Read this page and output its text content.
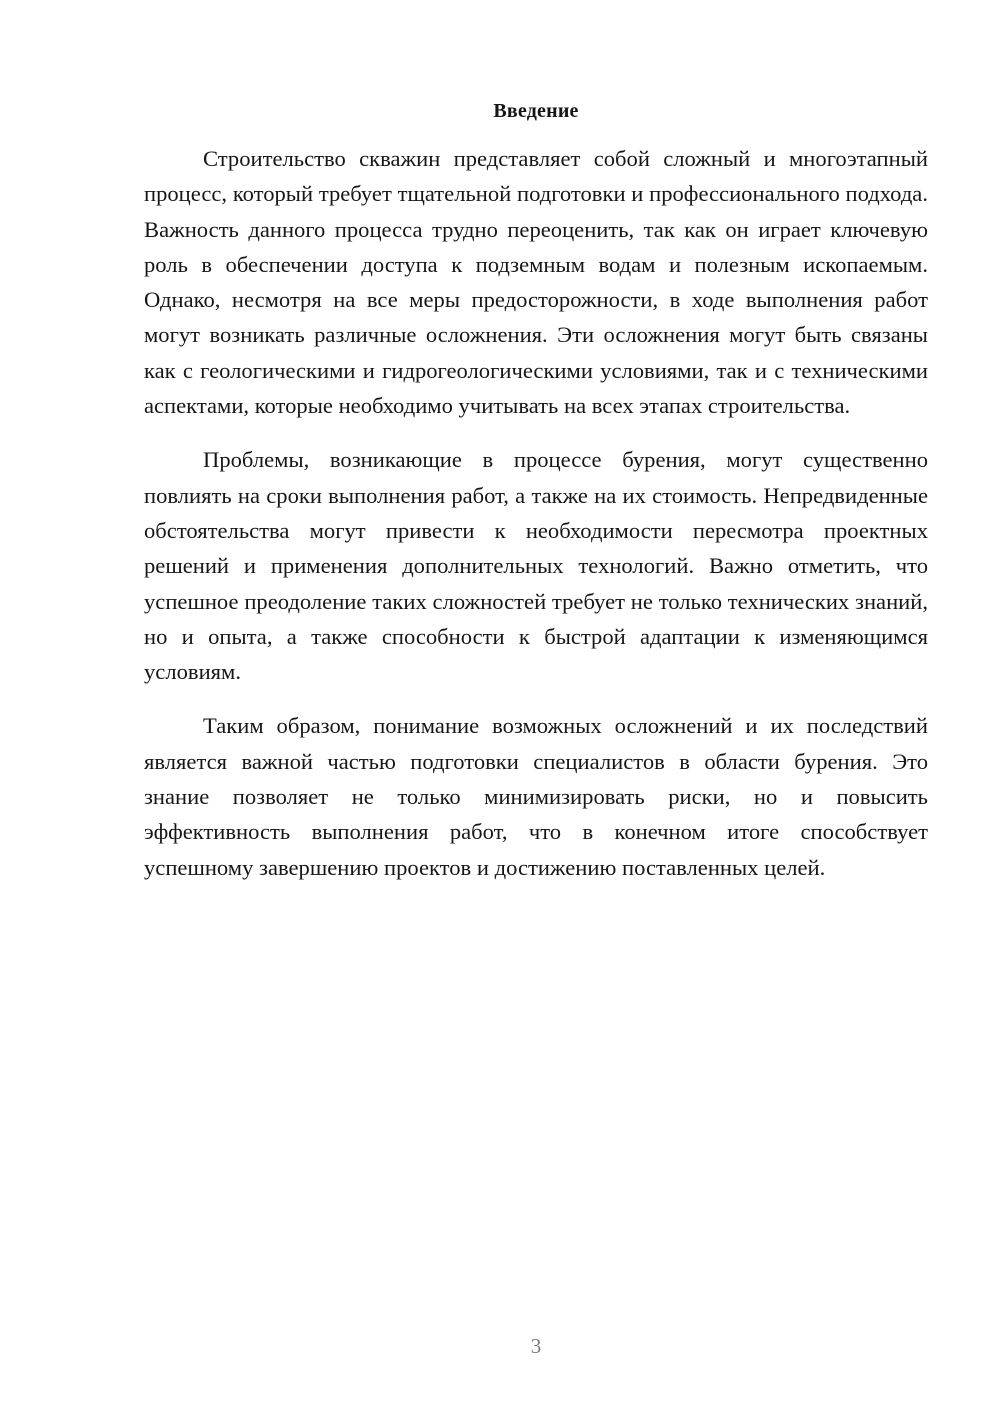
Введение

Строительство скважин представляет собой сложный и многоэтапный процесс, который требует тщательной подготовки и профессионального подхода. Важность данного процесса трудно переоценить, так как он играет ключевую роль в обеспечении доступа к подземным водам и полезным ископаемым. Однако, несмотря на все меры предосторожности, в ходе выполнения работ могут возникать различные осложнения. Эти осложнения могут быть связаны как с геологическими и гидрогеологическими условиями, так и с техническими аспектами, которые необходимо учитывать на всех этапах строительства.

Проблемы, возникающие в процессе бурения, могут существенно повлиять на сроки выполнения работ, а также на их стоимость. Непредвиденные обстоятельства могут привести к необходимости пересмотра проектных решений и применения дополнительных технологий. Важно отметить, что успешное преодоление таких сложностей требует не только технических знаний, но и опыта, а также способности к быстрой адаптации к изменяющимся условиям.

Таким образом, понимание возможных осложнений и их последствий является важной частью подготовки специалистов в области бурения. Это знание позволяет не только минимизировать риски, но и повысить эффективность выполнения работ, что в конечном итоге способствует успешному завершению проектов и достижению поставленных целей.

3
